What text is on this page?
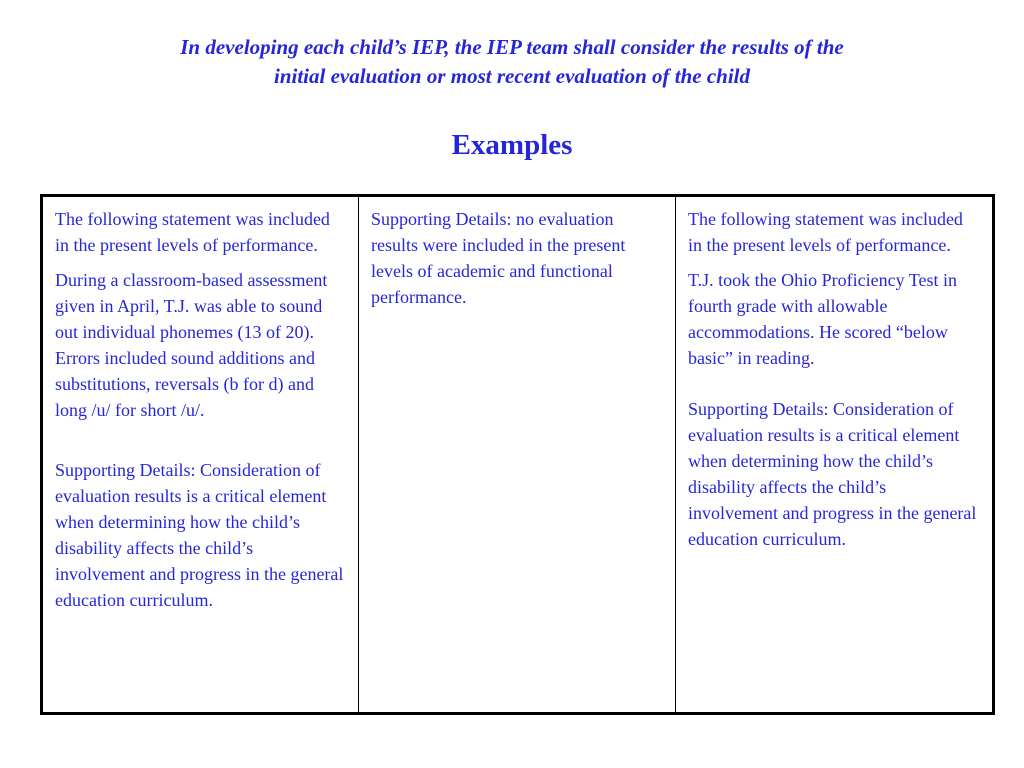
In developing each child’s IEP, the IEP team shall consider the results of the
initial evaluation or most recent evaluation of the child
Examples

The following statement was included in the present levels of performance.

During a classroom-based assessment given in April, T.J. was able to sound out individual phonemes (13 of 20). Errors included sound additions and substitutions, reversals (b for d) and long /u/ for short /u/.

Supporting Details: Consideration of evaluation results is a critical element when determining how the child’s disability affects the child’s involvement and progress in the general education curriculum.

Supporting Details: no evaluation results were included in the present levels of academic and functional performance.

The following statement was included in the present levels of performance.

T.J. took the Ohio Proficiency Test in fourth grade with allowable accommodations. He scored “below basic” in reading.

Supporting Details: Consideration of evaluation results is a critical element when determining how the child’s disability affects the child’s involvement and progress in the general education curriculum.
